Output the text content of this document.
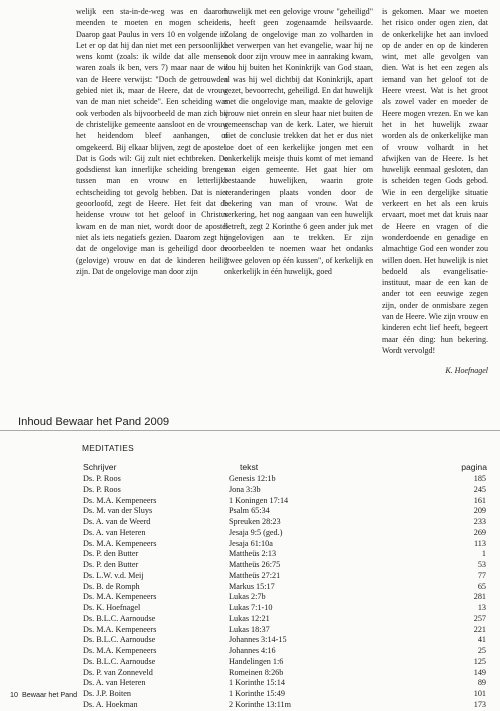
welijk een sta-in-de-weg was en daarom meenden te moeten en mogen scheiden. Daarop gaat Paulus in vers 10 en volgende in. Let er op dat hij dan niet met een persoonlijke wens komt (zoals: ik wilde dat alle mensen waren zoals ik ben, vers 7) maar naar de wil van de Heere verwijst: "Doch de getrouwden gebied niet ik, maar de Heere, dat de vrouw van de man niet scheide". Een scheiding was ook verboden als bijvoorbeeld de man zich bij de christelijke gemeente aansloot en de vrouw het heidendom bleef aanhangen, of omgekeerd. Bij elkaar blijven, zegt de apostel. Dat is Gods wil: Gij zult niet echtbreken. De godsdienst kan innerlijke scheiding brengen tussen man en vrouw en letterlijke echtscheiding tot gevolg hebben. Dat is niet geoorloofd, zegt de Heere. Het feit dat de heidense vrouw tot het geloof in Christus kwam en de man niet, wordt door de apostel niet als iets negatiefs gezien. Daarom zegt hij dat de ongelovige man is geheiligd door de (gelovige) vrouw en dat de kinderen heilig zijn. Dat de ongelovige man door zijn

huwelijk met een gelovige vrouw "geheiligd" is, heeft geen zogenaamde heilsvaarde. Zolang de ongelovige man zo volharden in het verwerpen van het evangelie, waar hij ne ook door zijn vrouw mee in aanraking kwam, zou hij buiten het Koninkrijk van God staan, al was hij wel dichtbij dat Koninkrijk, apart gezet, bevoorrecht, geheiligd. En dat huwelijk met die ongelovige man, maakte de gelovige vrouw niet onrein en sleur haar niet buiten de gemeenschap van de kerk. Later, we hieruit niet de conclusie trekken dat het er dus niet toe doet of een kerkelijke jongen met een onkerkelijk meisje thuis komt of met iemand van eigen gemeente. Het gaat hier om bestaande huwelijken, waarin grote veranderingen plaats vonden door de bekering van man of vrouw. Wat de verkering, het nog aangaan van een huwelijk betreft, zegt 2 Korinthe 6 geen ander juk met ongelovigen aan te trekken. Er zijn voorbeelden te noemen waar het ondanks "twee geloven op één kussen", of kerkelijk en onkerkelijk in één huwelijk, goed

is gekomen. Maar we moeten het risico onder ogen zien, dat de onkerkelijke het aan invloed op de ander en op de kinderen wint, met alle gevolgen van dien. Wat is het een zegen als iemand van het geloof tot de Heere vreest. Wat is het groot als zowel vader en moeder de Heere mogen vrezen. En we kan het in het huwelijk zwaar worden als de onkerkelijke man of vrouw volhardt in het afwijken van de Heere. Is het huwelijk eenmaal gesloten, dan is scheiden tegen Gods gebod. Wie in een dergelijke situatie verkeert en het als een kruis ervaart, moet met dat kruis naar de Heere en vragen of die wonderdoende en genadige en almachtige God een wonder zou willen doen. Het huwelijk is niet bedoeld als evangelisatie-instituut, maar de een kan de ander tot een eeuwige zegen zijn, onder de onmisbare zegen van de Heere. Wie zijn vrouw en kinderen echt lief heeft, begeert maar één ding: hun bekering. Wordt vervolgd!

K. Hoefnagel
Inhoud Bewaar het Pand 2009
MEDITATIES
Schrijver	tekst	pagina
Ds. P. Roos	Genesis 12:1b	185
Ds. P. Roos	Jona 3:3b	245
Ds. M.A. Kempeneers	1 Koningen 17:14	161
Ds. M. van der Sluys	Psalm 65:34	209
Ds. A. van de Weerd	Spreuken 28:23	233
Ds. A. van Heteren	Jesaja 9:5 (ged.)	269
Ds. M.A. Kempeneers	Jesaja 61:10a	113
Ds. P. den Butter	Mattheüs 2:13	1
Ds. P. den Butter	Mattheüs 26:75	53
Ds. L.W. v.d. Meij	Mattheüs 27:21	77
Ds. B. de Romph	Markus 15:17	65
Ds. M.A. Kempeneers	Lukas 2:7b	281
Ds. K. Hoefnagel	Lukas 7:1-10	13
Ds. B.L.C. Aarnoudse	Lukas 12:21	257
Ds. M.A. Kempeneers	Lukas 18:37	221
Ds. B.L.C. Aarnoudse	Johannes 3:14-15	41
Ds. M.A. Kempeneers	Johannes 4:16	25
Ds. B.L.C. Aarnoudse	Handelingen 1:6	125
Ds. P. van Zonneveld	Romeinen 8:26b	149
Ds. A. van Heteren	1 Korinthe 15:14	89
Ds. J.P. Boiten	1 Korinthe 15:49	101
Ds. A. Hoekman	2 Korinthe 13:11m	173
10 Bewaar het Pand
